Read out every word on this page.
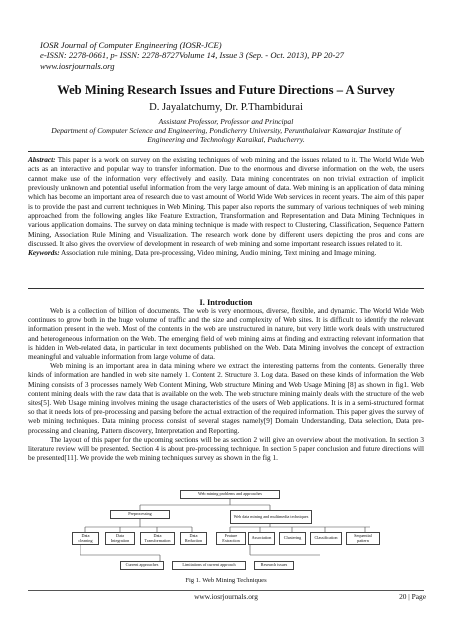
IOSR Journal of Computer Engineering (IOSR-JCE)
e-ISSN: 2278-0661, p- ISSN: 2278-8727Volume 14, Issue 3 (Sep. - Oct. 2013), PP 20-27
www.iosrjournals.org
Web Mining Research Issues and Future Directions – A Survey
D. Jayalatchumy, Dr. P.Thambidurai
Assistant Professor, Professor and Principal
Department of Computer Science and Engineering, Pondicherry University, Perunthalaivar Kamarajar Institute of
Engineering and Technology Karaikal, Puducherry.
Abstract: This paper is a work on survey on the existing techniques of web mining and the issues related to it. The World Wide Web acts as an interactive and popular way to transfer information. Due to the enormous and diverse information on the web, the users cannot make use of the information very effectively and easily. Data mining concentrates on non trivial extraction of implicit previously unknown and potential useful information from the very large amount of data. Web mining is an application of data mining which has become an important area of research due to vast amount of World Wide Web services in recent years. The aim of this paper is to provide the past and current techniques in Web Mining. This paper also reports the summary of various techniques of web mining approached from the following angles like Feature Extraction, Transformation and Representation and Data Mining Techniques in various application domains. The survey on data mining technique is made with respect to Clustering, Classification, Sequence Pattern Mining, Association Rule Mining and Visualization. The research work done by different users depicting the pros and cons are discussed. It also gives the overview of development in research of web mining and some important research issues related to it.
Keywords: Association rule mining, Data pre-processing, Video mining, Audio mining, Text mining and Image mining.
I. Introduction

Web is a collection of billion of documents. The web is very enormous, diverse, flexible, and dynamic. The World Wide Web continues to grow both in the huge volume of traffic and the size and complexity of Web sites. It is difficult to identify the relevant information present in the web. Most of the contents in the web are unstructured in nature, but very little work deals with unstructured and heterogeneous information on the Web. The emerging field of web mining aims at finding and extracting relevant information that is hidden in Web-related data, in particular in text documents published on the Web. Data Mining involves the concept of extraction meaningful and valuable information from large volume of data.

Web mining is an important area in data mining where we extract the interesting patterns from the contents. Generally three kinds of information are handled in web site namely 1. Content 2. Structure 3. Log data. Based on these kinds of information the Web Mining consists of 3 processes namely Web Content Mining, Web structure Mining and Web Usage Mining [8] as shown in fig1. Web content mining deals with the raw data that is available on the web. The web structure mining mainly deals with the structure of the web sites[5]. Web Usage mining involves mining the usage characteristics of the users of Web applications. It is in a semi-structured format so that it needs lots of pre-processing and parsing before the actual extraction of the required information. This paper gives the survey of web mining techniques. Data mining process consist of several stages namely[9] Domain Understanding, Data selection, Data pre-processing and cleaning, Pattern discovery, Interpretation and Reporting.

The layout of this paper for the upcoming sections will be as section 2 will give an overview about the motivation. In section 3 literature review will be presented. Section 4 is about pre-processing technique. In section 5 paper conclusion and future directions will be presented[11]. We provide the web mining techniques survey as shown in the fig 1.

Web mining problems and approaches
Preprocessing	Web data mining and multimedia techniques
Data cleaning
Data Integration
Data Transformation
Data Reduction
Feature Extraction	Association	Clustering	Classification	Sequential pattern
Current approaches	Limitations of current approach	Research issues
Fig 1. Web Mining Techniques
www.iosrjournals.org	20 | Page
